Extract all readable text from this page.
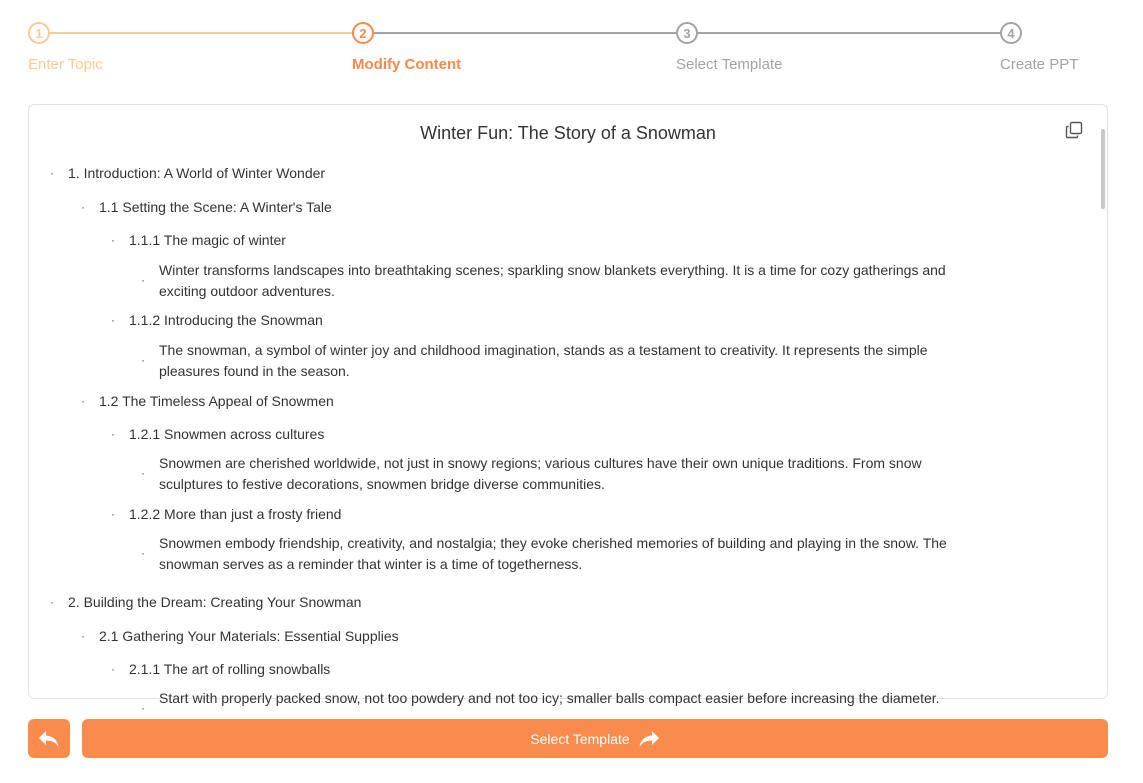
1	2	3	4
Enter Topic	Modify Content	Select Template	Create PPT
Winter Fun: The Story of a Snowman
· 1. Introduction: A World of Winter Wonder
· 1.1 Setting the Scene: A Winter's Tale
· 1.1.1 The magic of winter
·
Winter transforms landscapes into breathtaking scenes; sparkling snow blankets everything. It is a time for cozy gatherings and exciting outdoor adventures.
· 1.1.2 Introducing the Snowman
·
The snowman, a symbol of winter joy and childhood imagination, stands as a testament to creativity. It represents the simple pleasures found in the season.
· 1.2 The Timeless Appeal of Snowmen
· 1.2.1 Snowmen across cultures
·
Snowmen are cherished worldwide, not just in snowy regions; various cultures have their own unique traditions. From snow sculptures to festive decorations, snowmen bridge diverse communities.
· 1.2.2 More than just a frosty friend
·
Snowmen embody friendship, creativity, and nostalgia; they evoke cherished memories of building and playing in the snow. The snowman serves as a reminder that winter is a time of togetherness.
· 2. Building the Dream: Creating Your Snowman
· 2.1 Gathering Your Materials: Essential Supplies
· 2.1.1 The art of rolling snowballs
·
Start with properly packed snow, not too powdery and not too icy; smaller balls compact easier before increasing the diameter.
Select Template
